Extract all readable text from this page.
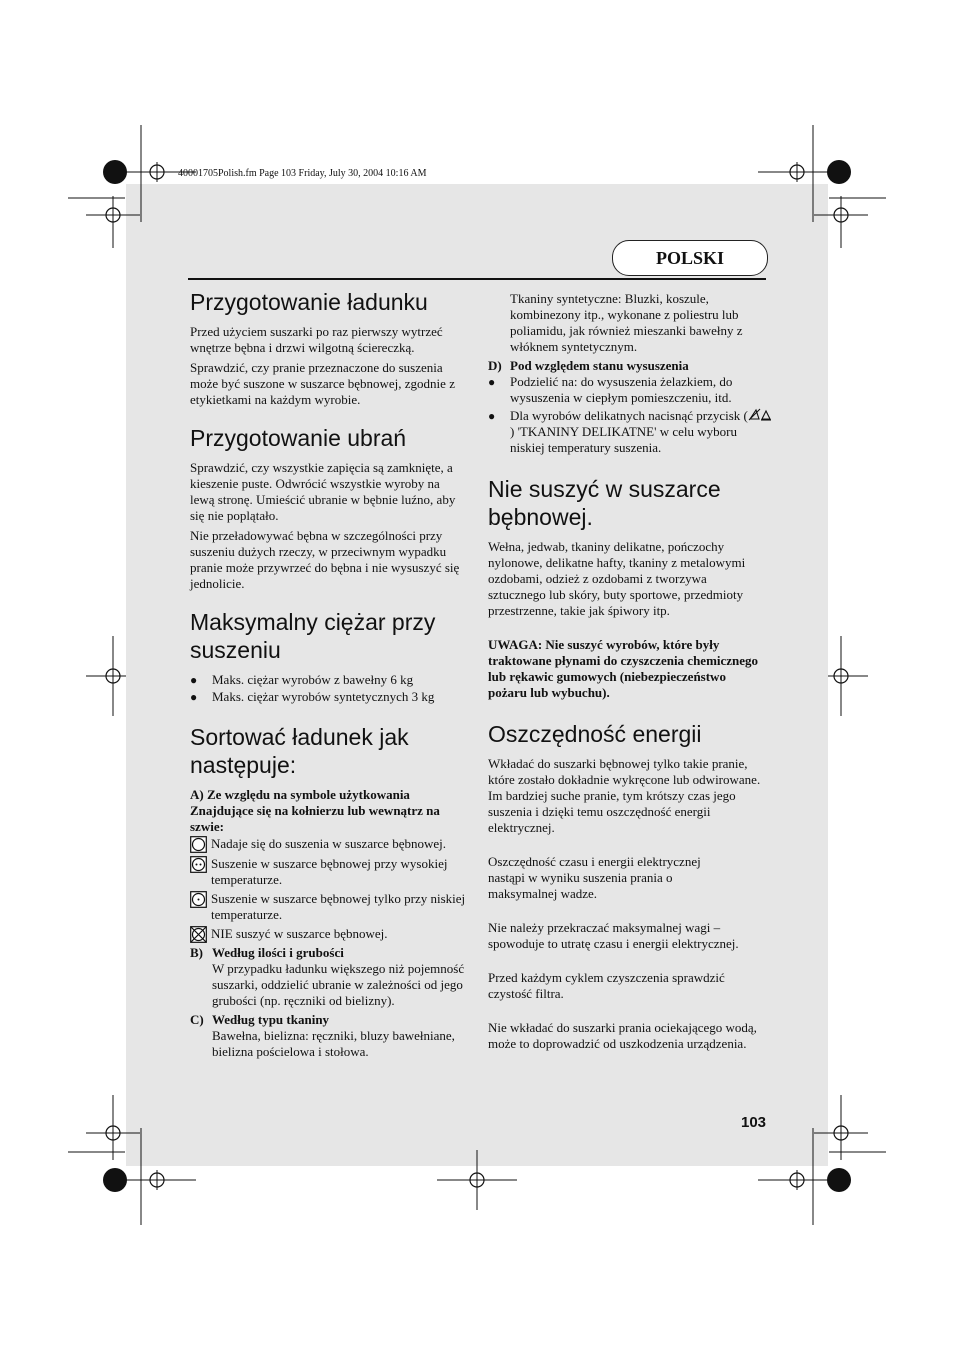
40001705Polish.fm Page 103 Friday, July 30, 2004 10:16 AM
POLSKI
Przygotowanie ładunku

Przed użyciem suszarki po raz pierwszy wytrzeć wnętrze bębna i drzwi wilgotną ściereczką.

Sprawdzić, czy pranie przeznaczone do suszenia może być suszone w suszarce bębnowej, zgodnie z etykietkami na każdym wyrobie.

Przygotowanie ubrań

Sprawdzić, czy wszystkie zapięcia są zamknięte, a kieszenie puste. Odwrócić wszystkie wyroby na lewą stronę. Umieścić ubranie w bębnie luźno, aby się nie poplątało.

Nie przeładowywać bębna w szczególności przy suszeniu dużych rzeczy, w przeciwnym wypadku pranie może przywrzeć do bębna i nie wysuszyć się jednolicie.

Maksymalny ciężar przy suszeniu
●	Maks. ciężar wyrobów z bawełny 6 kg
●	Maks. ciężar wyrobów syntetycznych 3 kg
Sortować ładunek jak następuje:

A) Ze względu na symbole użytkowania Znajdujące się na kołnierzu lub wewnątrz na szwie:

Nadaje się do suszenia w suszarce bębnowej.
Suszenie w suszarce bębnowej przy wysokiej temperaturze.
Suszenie w suszarce bębnowej tylko przy niskiej temperaturze.
NIE suszyć w suszarce bębnowej.
B) Według ilości i grubości
W przypadku ładunku większego niż pojemność suszarki, oddzielić ubranie w zależności od jego grubości (np. ręczniki od bielizny).
C) Według typu tkaniny
Bawełna, bielizna: ręczniki, bluzy bawełniane, bielizna pościelowa i stołowa.

Tkaniny syntetyczne: Bluzki, koszule, kombinezony itp., wykonane z poliestru lub poliamidu, jak również mieszanki bawełny z włóknem syntetycznym.

D) Pod względem stanu wysuszenia
●	Podzielić na: do wysuszenia żelazkiem, do wysuszenia w ciepłym pomieszczeniu, itd.
●	Dla wyrobów delikatnych nacisnąć przycisk () 'TKANINY DELIKATNE' w celu wyboru niskiej temperatury suszenia.
Nie suszyć w suszarce bębnowej.

Wełna, jedwab, tkaniny delikatne, pończochy nylonowe, delikatne hafty, tkaniny z metalowymi ozdobami, odzież z ozdobami z tworzywa sztucznego lub skóry, buty sportowe, przedmioty przestrzenne, takie jak śpiwory itp.

UWAGA: Nie suszyć wyrobów, które były traktowane płynami do czyszczenia chemicznego lub rękawic gumowych (niebezpieczeństwo pożaru lub wybuchu).

Oszczędność energii

Wkładać do suszarki bębnowej tylko takie pranie, które zostało dokładnie wykręcone lub odwirowane. Im bardziej suche pranie, tym krótszy czas jego suszenia i dzięki temu oszczędność energii elektrycznej.

Oszczędność czasu i energii elektrycznej nastąpi w wyniku suszenia prania o maksymalnej wadze.

Nie należy przekraczać maksymalnej wagi – spowoduje to utratę czasu i energii elektrycznej.

Przed każdym cyklem czyszczenia sprawdzić czystość filtra.

Nie wkładać do suszarki prania ociekającego wodą, może to doprowadzić od uszkodzenia urządzenia.

103
